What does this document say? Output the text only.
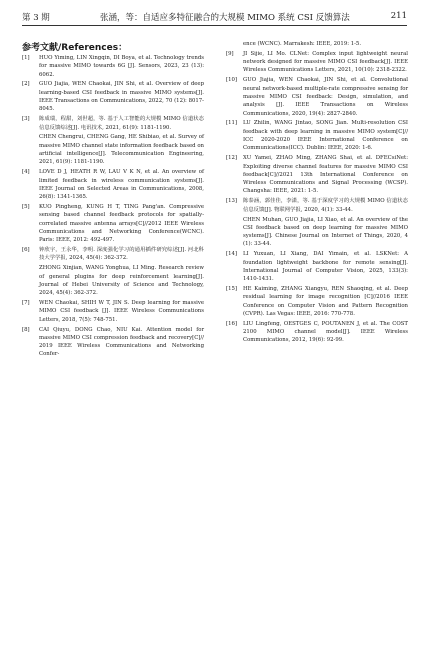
第 3 期	张涵，等：自适应多特征融合的大规模 MIMO 系统 CSI 反馈算法	211
参考文献/References：
[1] HUO Yiming, LIN Xingqin, DI Boya, et al. Technology trends for massive MIMO towards 6G [J]. Sensors, 2023, 23 (13): 6062.
[2] GUO Jiajia, WEN Chaokai, JIN Shi, et al. Overview of deep learning-based CSI feedback in massive MIMO systems[J]. IEEE Transactions on Communications, 2022, 70 (12): 8017-8045.
[3] 陈成瑞，程甜，刘世超，等. 基于人工智能的大规模 MIMO 信道状态信息反馈综述[J]. 电讯技术, 2021, 61(9): 1181-1190.
CHEN Chengrui, CHENG Gang, HE Shibiao, et al. Survey of massive MIMO channel state information feedback based on artificial intelligence[J]. Telecommunication Engineering, 2021, 61(9): 1181-1190.
[4] LOVE D J, HEATH R W, LAU V K N, et al. An overview of limited feedback in wireless communication systems[J]. IEEE Journal on Selected Areas in Communications, 2008, 26(8): 1341-1365.
[5] KUO Pingheng, KUNG H T, TING Pang'an. Compressive sensing based channel feedback protocols for spatially-correlated massive antenna arrays[C]//2012 IEEE Wireless Communications and Networking Conference(WCNC). Paris: IEEE, 2012: 492-497.
[6] 钟欣宇，王永华，李明. 深度强化学习的通用插件研究综述[J]. 河北科技大学学报, 2024, 45(4): 362-372.
ZHONG Xinjian, WANG Yonghua, LI Ming. Research review of general plugins for deep reinforcement learning[J]. Journal of Hebei University of Science and Technology, 2024, 45(4): 362-372.
[7] WEN Chaokai, SHIH W T, JIN S. Deep learning for massive MIMO CSI feedback [J]. IEEE Wireless Communications Letters, 2018, 7(5): 748-751.
[8] CAI Qiuyu, DONG Chao, NIU Kai. Attention model for massive MIMO CSI compression feedback and recovery[C]// 2019 IEEE Wireless Communications and Networking Confer-
ence (WCNC). Marrakesh: IEEE, 2019: 1-5.
[9] JI Sijie, LI Mo. CLNet: Complex input lightweight neural network designed for massive MIMO CSI feedback[J]. IEEE Wireless Communications Letters, 2021, 10(10): 2318-2322.
[10] GUO Jiajia, WEN Chaokai, JIN Shi, et al. Convolutional neural network-based multiple-rate compressive sensing for massive MIMO CSI feedback: Design, simulation, and analysis [J]. IEEE Transactions on Wireless Communications, 2020, 19(4): 2827-2840.
[11] LU Zhilin, WANG Jintao, SONG Jian. Multi-resolution CSI feedback with deep learning in massive MIMO system[C]// ICC 2020-2020 IEEE International Conference on Communications(ICC). Dublin: IEEE, 2020: 1-6.
[12] XU Yamei, ZHAO Ming, ZHANG Shai, et al. DFECsiNet: Exploiting diverse channel features for massive MIMO CSI feedback[C]//2021 13th International Conference on Wireless Communications and Signal Processing (WCSP). Changsha: IEEE, 2021: 1-5.
[13] 陈泰涵，郭佳佳，李潇，等. 基于深度学习的大规模 MIMO 信道状态信息反馈[J]. 物联网学报, 2020, 4(1): 33-44.
CHEN Muhan, GUO Jiajia, LI Xiao, et al. An overview of the CSI feedback based on deep learning for massive MIMO systems[J]. Chinese Journal on Internet of Things, 2020, 4 (1): 33-44.
[14] LI Yuxuan, LI Xiang, DAI Yimain, et al. LSKNet: A foundation lightweight backbone for remote sensing[J]. International Journal of Computer Vision, 2025, 133(3): 1410-1431.
[15] HE Kaiming, ZHANG Xiangyu, REN Shaoqing, et al. Deep residual learning for image recognition [C]//2016 IEEE Conference on Computer Vision and Pattern Recognition (CVPR). Las Vegas: IEEE, 2016: 770-778.
[16] LIU Lingfeng, OESTGES C, POUTANEN J, et al. The COST 2100 MIMO channel model[J]. IEEE Wireless Communications, 2012, 19(6): 92-99.
